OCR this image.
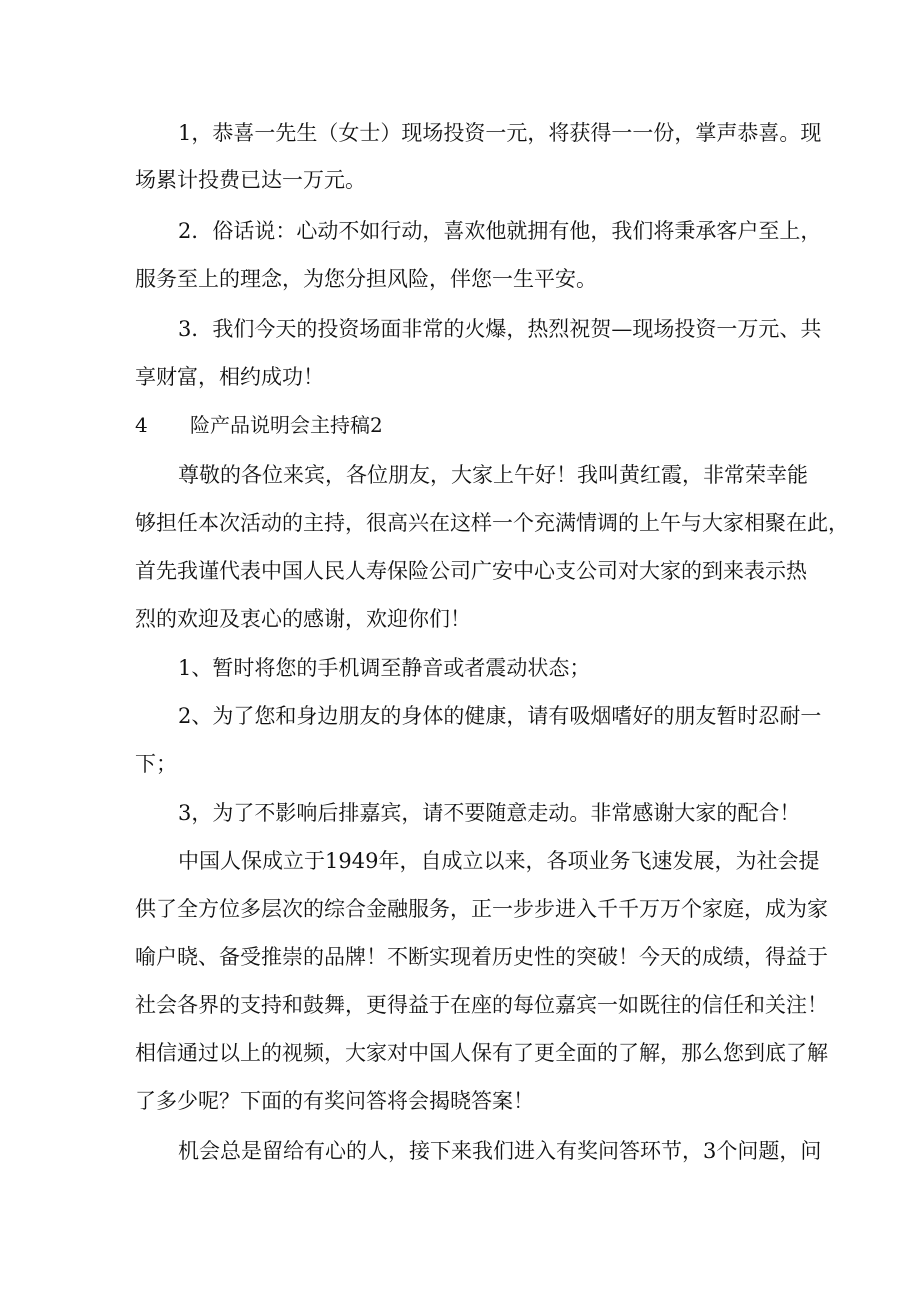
1，恭喜一先生（女士）现场投资一元，将获得一一份，掌声恭喜。现
场累计投费已达一万元。
2．俗话说：心动不如行动，喜欢他就拥有他，我们将秉承客户至上，
服务至上的理念，为您分担风险，伴您一生平安。
3．我们今天的投资场面非常的火爆，热烈祝贺—现场投资一万元、共
享财富，相约成功！
4 险产品说明会主持稿2
尊敬的各位来宾，各位朋友，大家上午好！我叫黄红霞，非常荣幸能
够担任本次活动的主持，很高兴在这样一个充满情调的上午与大家相聚在此，
首先我谨代表中国人民人寿保险公司广安中心支公司对大家的到来表示热
烈的欢迎及衷心的感谢，欢迎你们！
1、暂时将您的手机调至静音或者震动状态；
2、为了您和身边朋友的身体的健康，请有吸烟嗜好的朋友暂时忍耐一
下；
3，为了不影响后排嘉宾，请不要随意走动。非常感谢大家的配合！
中国人保成立于1949年，自成立以来，各项业务飞速发展，为社会提
供了全方位多层次的综合金融服务，正一步步进入千千万万个家庭，成为家
喻户晓、备受推崇的品牌！不断实现着历史性的突破！今天的成绩，得益于
社会各界的支持和鼓舞，更得益于在座的每位嘉宾一如既往的信任和关注！
相信通过以上的视频，大家对中国人保有了更全面的了解，那么您到底了解
了多少呢？下面的有奖问答将会揭晓答案！
机会总是留给有心的人，接下来我们进入有奖问答环节，3个问题，问
